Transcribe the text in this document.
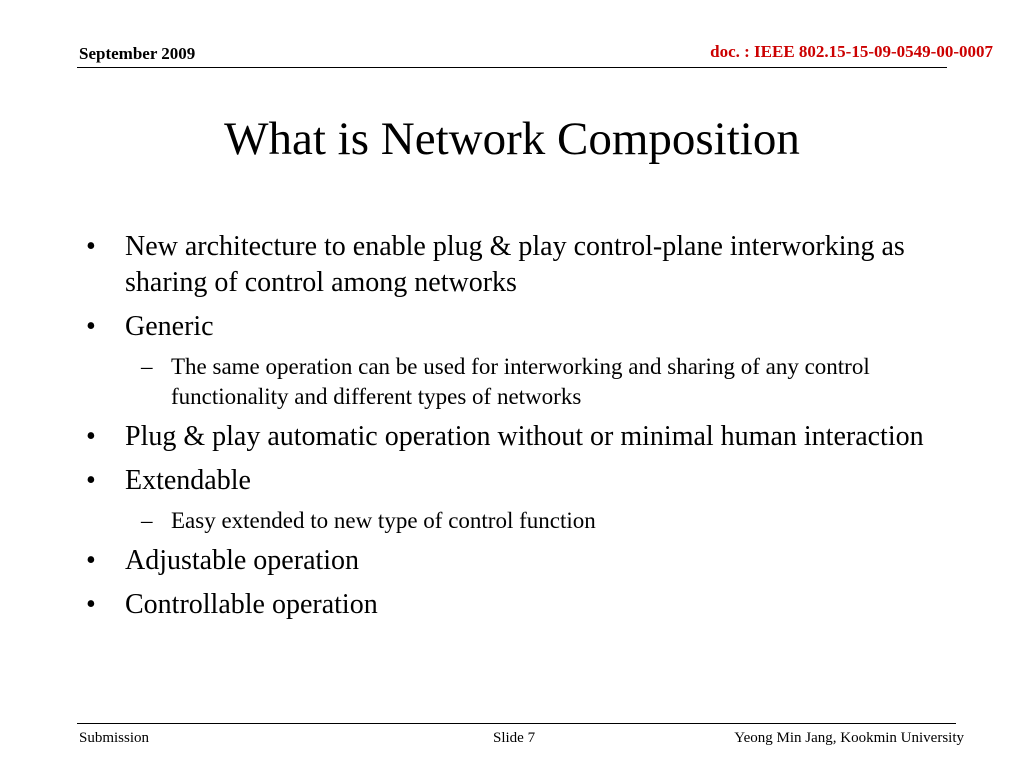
September 2009	doc. : IEEE 802.15-15-09-0549-00-0007
What is Network Composition
• New architecture to enable plug & play control-plane interworking as sharing of control among networks
• Generic
– The same operation can be used for interworking and sharing of any control functionality and different types of networks
• Plug & play automatic operation without or minimal human interaction
• Extendable
– Easy extended to new type of control function
• Adjustable operation
• Controllable operation
Submission	Slide 7	Yeong Min Jang, Kookmin University
